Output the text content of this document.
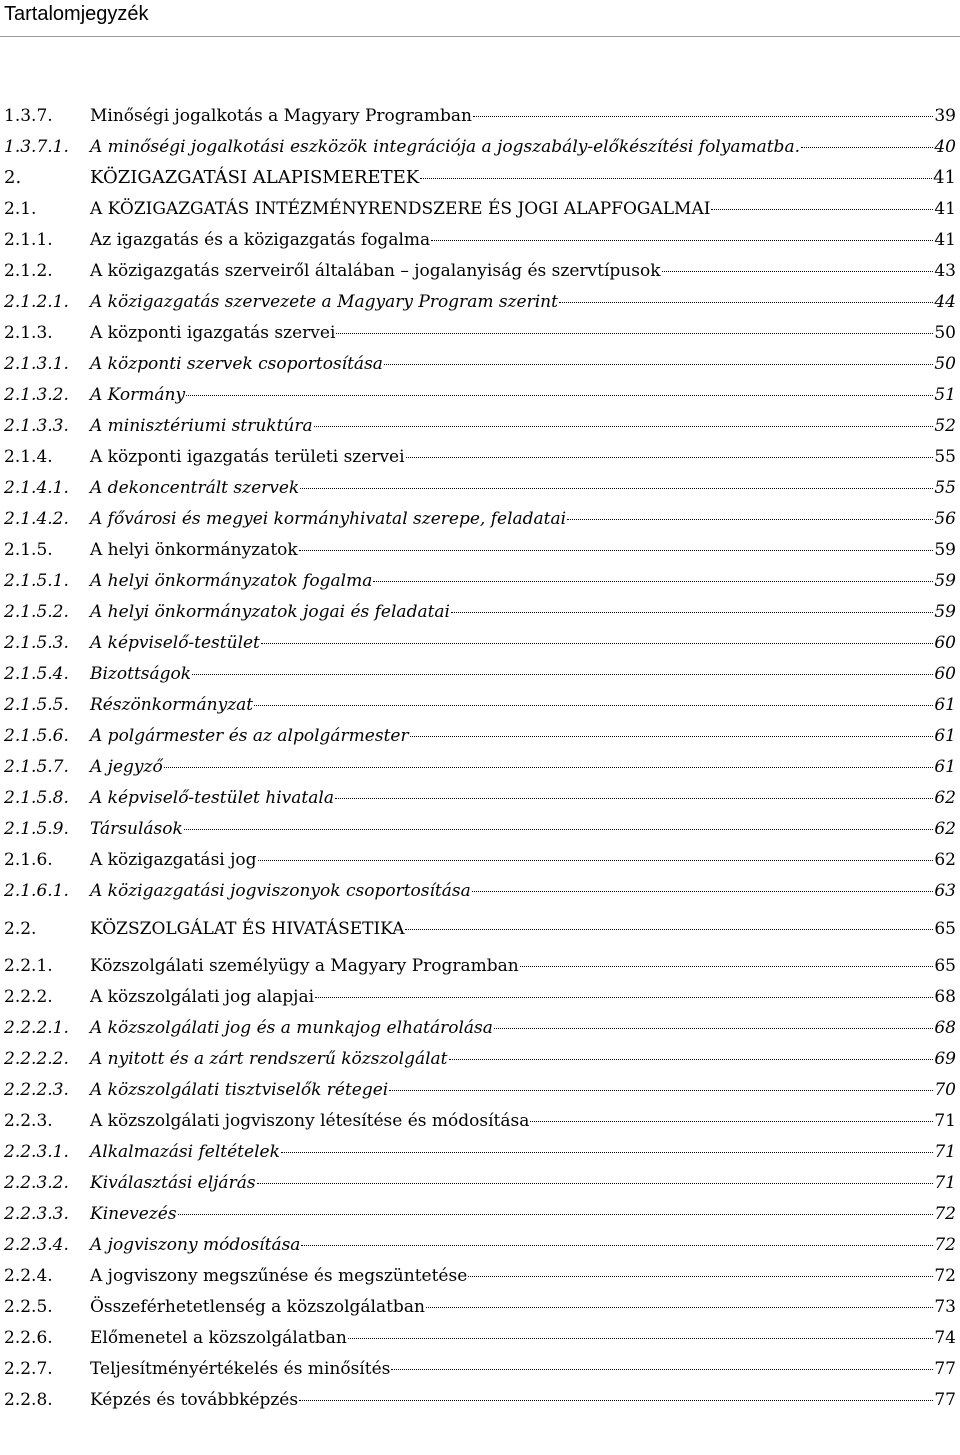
Tartalomjegyzék
1.3.7.	Minőségi jogalkotás a Magyary Programban	39
1.3.7.1.	A minőségi jogalkotási eszközök integrációja a jogszabály-előkészítési folyamatba.	40
2.	KÖZIGAZGATÁSI ALAPISMERETEK	41
2.1.	A KÖZIGAZGATÁS INTÉZMÉNYRENDSZERE ÉS JOGI ALAPFOGALMAI	41
2.1.1.	Az igazgatás és a közigazgatás fogalma	41
2.1.2.	A közigazgatás szerveiről általában – jogalanyiság és szervtípusok	43
2.1.2.1.	A közigazgatás szervezete a Magyary Program szerint	44
2.1.3.	A központi igazgatás szervei	50
2.1.3.1.	A központi szervek csoportosítása	50
2.1.3.2.	A Kormány	51
2.1.3.3.	A minisztériumi struktúra	52
2.1.4.	A központi igazgatás területi szervei	55
2.1.4.1.	A dekoncentrált szervek	55
2.1.4.2.	A fővárosi és megyei kormányhivatal szerepe, feladatai	56
2.1.5.	A helyi önkormányzatok	59
2.1.5.1.	A helyi önkormányzatok fogalma	59
2.1.5.2.	A helyi önkormányzatok jogai és feladatai	59
2.1.5.3.	A képviselő-testület	60
2.1.5.4.	Bizottságok	60
2.1.5.5.	Részönkormányzat	61
2.1.5.6.	A polgármester és az alpolgármester	61
2.1.5.7.	A jegyző	61
2.1.5.8.	A képviselő-testület hivatala	62
2.1.5.9.	Társulások	62
2.1.6.	A közigazgatási jog	62
2.1.6.1.	A közigazgatási jogviszonyok csoportosítása	63
2.2.	KÖZSZOLGÁLAT ÉS HIVATÁSETIKA	65
2.2.1.	Közszolgálati személyügy a Magyary Programban	65
2.2.2.	A közszolgálati jog alapjai	68
2.2.2.1.	A közszolgálati jog és a munkajog elhatárolása	68
2.2.2.2.	A nyitott és a zárt rendszerű közszolgálat	69
2.2.2.3.	A közszolgálati tisztviselők rétegei	70
2.2.3.	A közszolgálati jogviszony létesítése és módosítása	71
2.2.3.1.	Alkalmazási feltételek	71
2.2.3.2.	Kiválasztási eljárás	71
2.2.3.3.	Kinevezés	72
2.2.3.4.	A jogviszony módosítása	72
2.2.4.	A jogviszony megszűnése és megszüntetése	72
2.2.5.	Összeférhetetlenség a közszolgálatban	73
2.2.6.	Előmenetel a közszolgálatban	74
2.2.7.	Teljesítményértékelés és minősítés	77
2.2.8.	Képzés és továbbképzés	77
